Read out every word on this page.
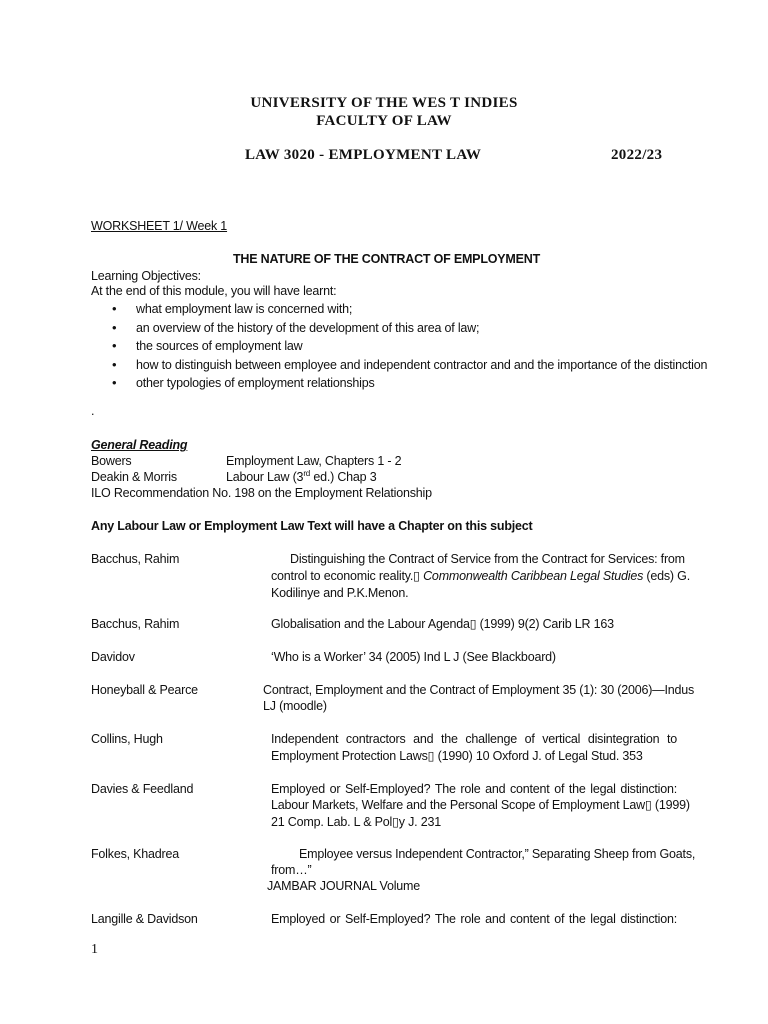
UNIVERSITY OF THE WES T INDIES
FACULTY OF LAW
LAW 3020 - EMPLOYMENT LAW	2022/23
WORKSHEET 1/ Week 1
THE NATURE OF THE CONTRACT OF EMPLOYMENT
Learning Objectives:
At the end of this module, you will have learnt:
• what employment law is concerned with;
• an overview of the history of the development of this area of law;
• the sources of employment law
• how to distinguish between employee and independent contractor and and the importance of the distinction
• other typologies of employment relationships
.
General Reading
Bowers	Employment Law, Chapters 1 - 2
Deakin & Morris	Labour Law (3rd ed.) Chap 3
ILO Recommendation No. 198 on the Employment Relationship
Any Labour Law or Employment Law Text will have a Chapter on this subject
Bacchus, Rahim	Distinguishing the Contract of Service from the Contract for Services: from
control to economic reality.▯ Commonwealth Caribbean Legal Studies (eds) G.
Kodilinye and P.K.Menon.
Bacchus, Rahim	Globalisation and the Labour Agenda▯ (1999) 9(2) Carib LR 163
Davidov	‘Who is a Worker’ 34 (2005) Ind L J (See Blackboard)
Honeyball & Pearce	Contract, Employment and the Contract of Employment 35 (1): 30 (2006)—Indus
LJ (moodle)
Collins, Hugh	Independent contractors and the challenge of vertical disintegration to
Employment Protection Laws▯ (1990) 10 Oxford J. of Legal Stud. 353
Davies & Feedland	Employed or Self-Employed? The role and content of the legal distinction:
Labour Markets, Welfare and the Personal Scope of Employment Law▯ (1999)
21 Comp. Lab. L & Pol▯y J. 231
Folkes, Khadrea	Employee versus Independent Contractor,” Separating Sheep from Goats,
from…”
JAMBAR JOURNAL Volume
Langille & Davidson	Employed or Self-Employed? The role and content of the legal distinction:
1
